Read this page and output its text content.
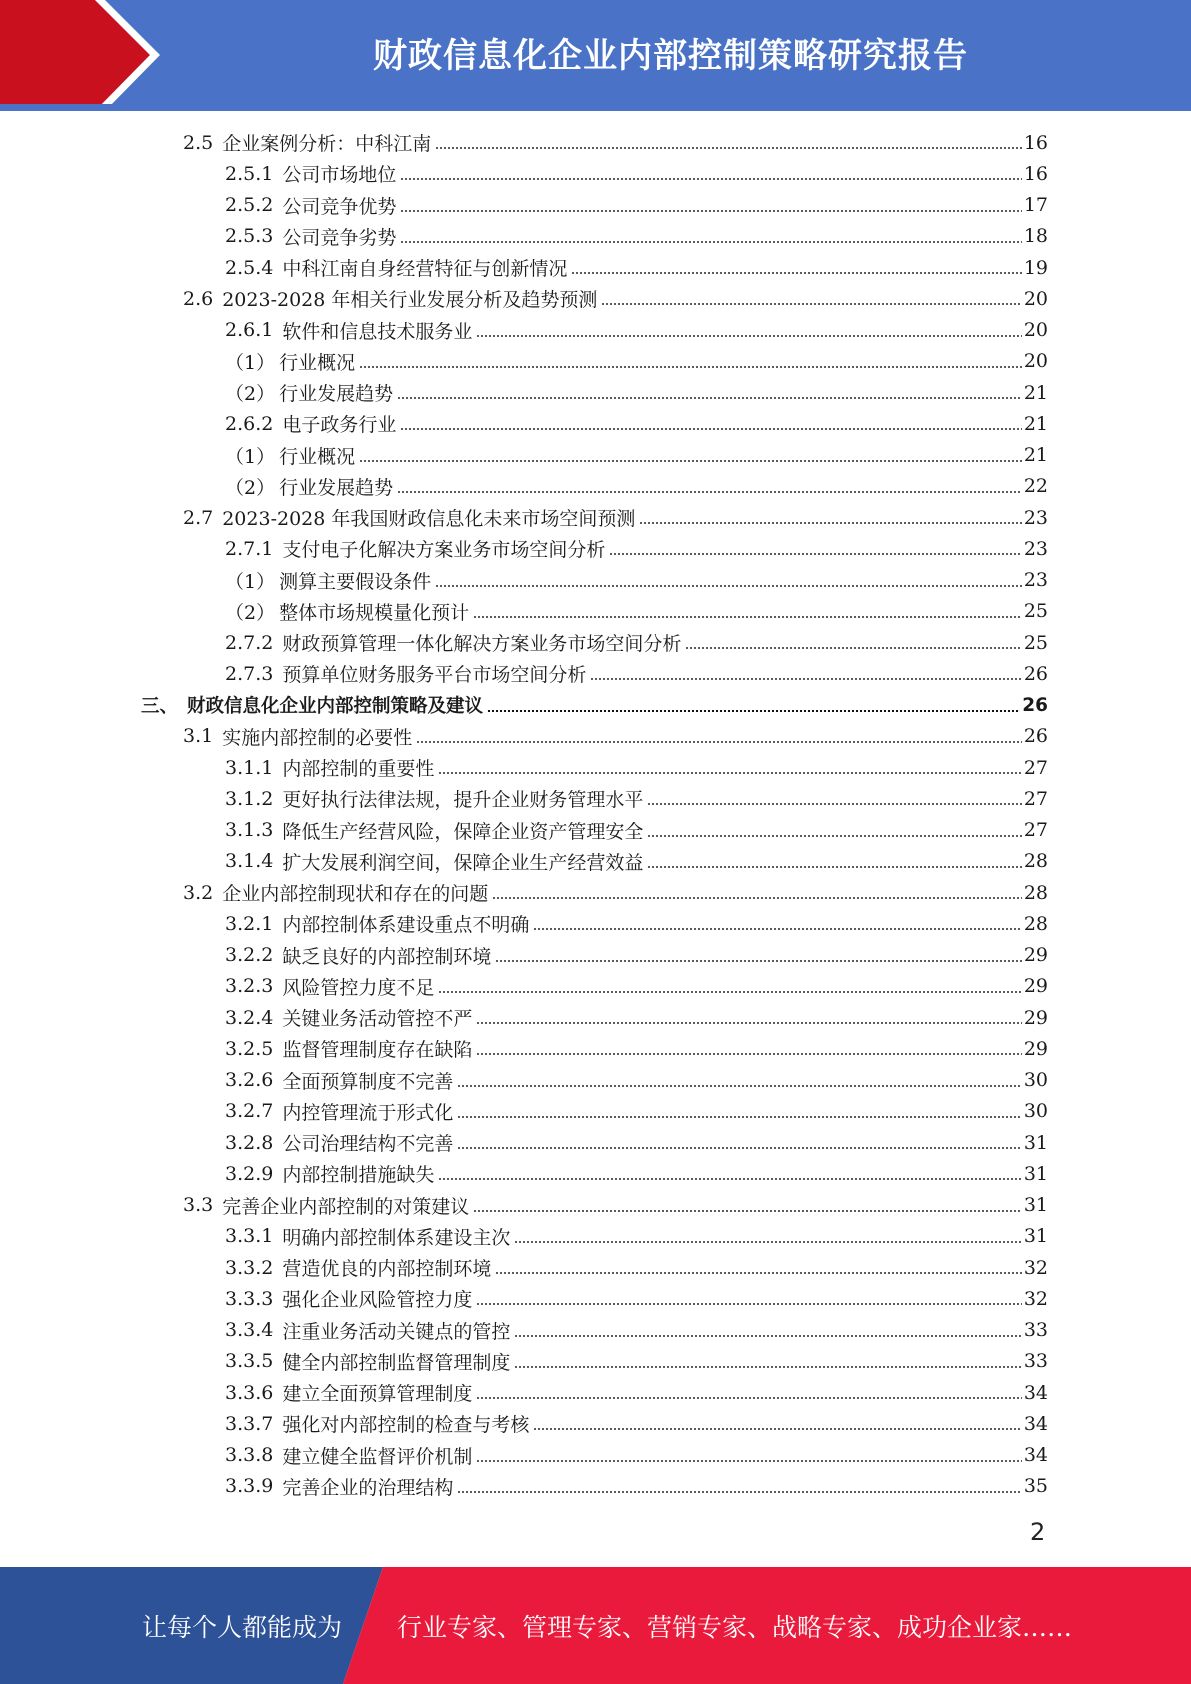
财政信息化企业内部控制策略研究报告
2.5 企业案例分析：中科江南	16
2.5.1 公司市场地位	16
2.5.2 公司竞争优势	17
2.5.3 公司竞争劣势	18
2.5.4 中科江南自身经营特征与创新情况	19
2.6 2023-2028 年相关行业发展分析及趋势预测	20
2.6.1 软件和信息技术服务业	20
（1） 行业概况	20
（2） 行业发展趋势	21
2.6.2 电子政务行业	21
（1） 行业概况	21
（2） 行业发展趋势	22
2.7 2023-2028 年我国财政信息化未来市场空间预测	23
2.7.1 支付电子化解决方案业务市场空间分析	23
（1） 测算主要假设条件	23
（2） 整体市场规模量化预计	25
2.7.2 财政预算管理一体化解决方案业务市场空间分析	25
2.7.3 预算单位财务服务平台市场空间分析	26
三、 财政信息化企业内部控制策略及建议	26
3.1 实施内部控制的必要性	26
3.1.1 内部控制的重要性	27
3.1.2 更好执行法律法规，提升企业财务管理水平	27
3.1.3 降低生产经营风险，保障企业资产管理安全	27
3.1.4 扩大发展利润空间，保障企业生产经营效益	28
3.2 企业内部控制现状和存在的问题	28
3.2.1 内部控制体系建设重点不明确	28
3.2.2 缺乏良好的内部控制环境	29
3.2.3 风险管控力度不足	29
3.2.4 关键业务活动管控不严	29
3.2.5 监督管理制度存在缺陷	29
3.2.6 全面预算制度不完善	30
3.2.7 内控管理流于形式化	30
3.2.8 公司治理结构不完善	31
3.2.9 内部控制措施缺失	31
3.3 完善企业内部控制的对策建议	31
3.3.1 明确内部控制体系建设主次	31
3.3.2 营造优良的内部控制环境	32
3.3.3 强化企业风险管控力度	32
3.3.4 注重业务活动关键点的管控	33
3.3.5 健全内部控制监督管理制度	33
3.3.6 建立全面预算管理制度	34
3.3.7 强化对内部控制的检查与考核	34
3.3.8 建立健全监督评价机制	34
3.3.9 完善企业的治理结构	35
2
让每个人都能成为 行业专家、管理专家、营销专家、战略专家、成功企业家……
